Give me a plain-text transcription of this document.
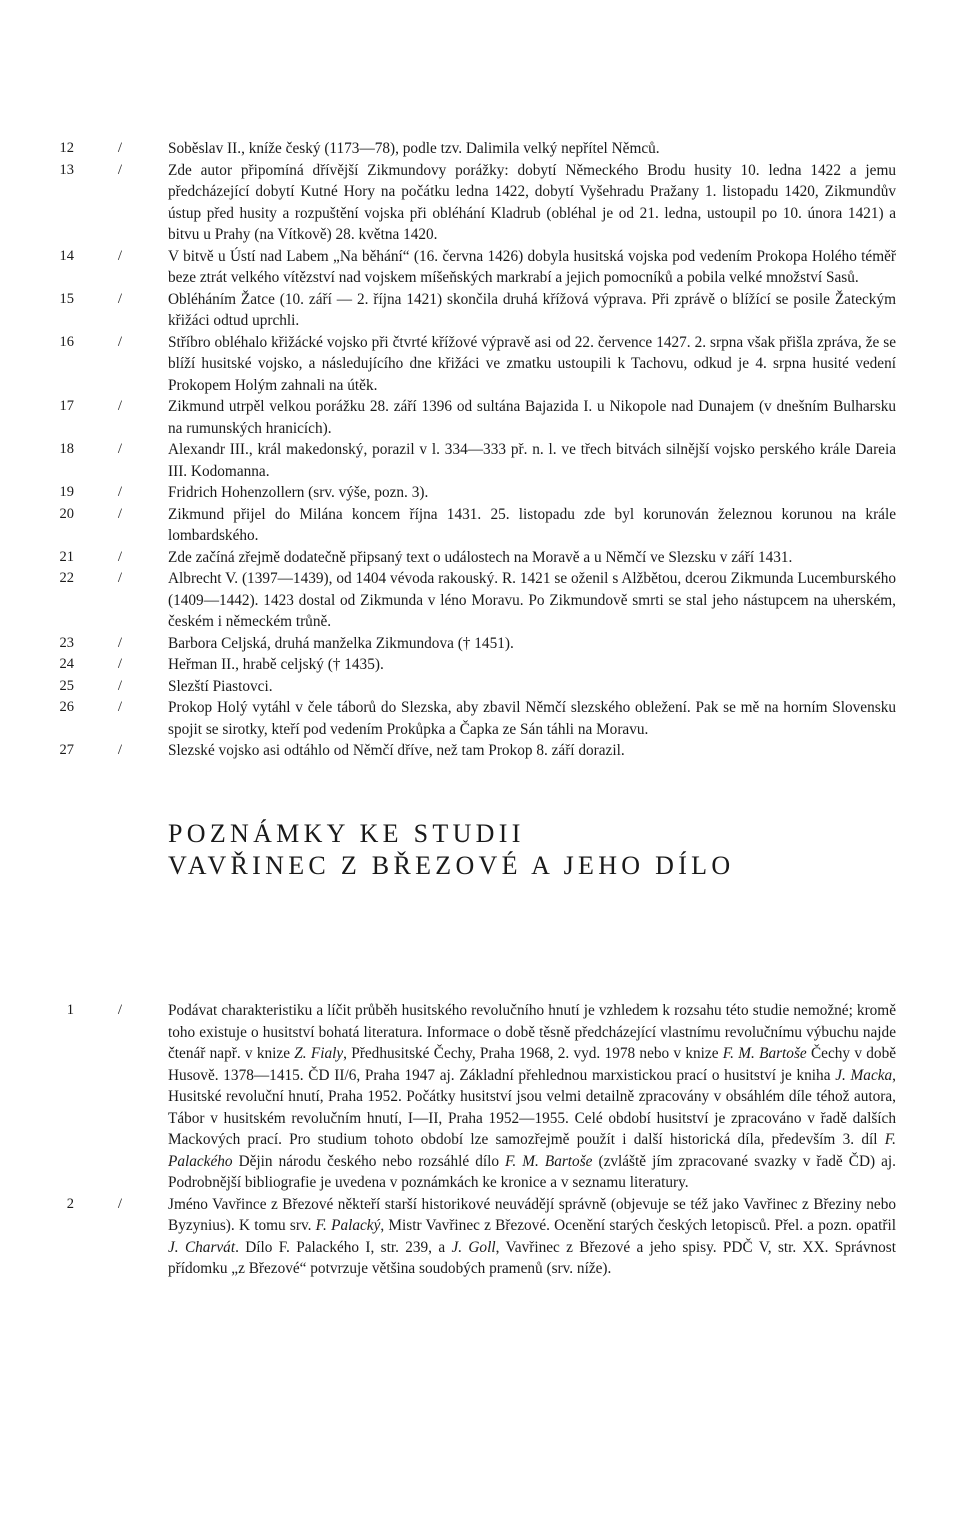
12	/	Soběslav II., kníže český (1173—78), podle tzv. Dalimila velký nepřítel Němců.
13	/	Zde autor připomíná dřívější Zikmundovy porážky: dobytí Německého Brodu husity 10. ledna 1422 a jemu předcházející dobytí Kutné Hory na počátku ledna 1422, dobytí Vyšehradu Pražany 1. listopadu 1420, Zikmundův ústup před husity a rozpuštění vojska při obléhání Kladrub (obléhal je od 21. ledna, ustoupil po 10. února 1421) a bitvu u Prahy (na Vítkově) 28. května 1420.
14	/	V bitvě u Ústí nad Labem „Na běhání“ (16. června 1426) dobyla husitská vojska pod vedením Prokopa Holého téměř beze ztrát velkého vítězství nad vojskem míšeňských markrabí a jejich pomocníků a pobila velké množství Sasů.
15	/	Obléháním Žatce (10. září — 2. října 1421) skončila druhá křížová výprava. Při zprávě o blížící se posile Žateckým křižáci odtud uprchli.
16	/	Stříbro obléhalo křižácké vojsko při čtvrté křížové výpravě asi od 22. července 1427. 2. srpna však přišla zpráva, že se blíží husitské vojsko, a následujícího dne křižáci ve zmatku ustoupili k Tachovu, odkud je 4. srpna husité vedení Prokopem Holým zahnali na útěk.
17	/	Zikmund utrpěl velkou porážku 28. září 1396 od sultána Bajazida I. u Nikopole nad Dunajem (v dnešním Bulharsku na rumunských hranicích).
18	/	Alexandr III., král makedonský, porazil v l. 334—333 př. n. l. ve třech bitvách silnější vojsko perského krále Dareia III. Kodomanna.
19	/	Fridrich Hohenzollern (srv. výše, pozn. 3).
20	/	Zikmund přijel do Milána koncem října 1431. 25. listopadu zde byl korunován železnou korunou na krále lombardského.
21	/	Zde začíná zřejmě dodatečně připsaný text o událostech na Moravě a u Němčí ve Slezsku v září 1431.
22	/	Albrecht V. (1397—1439), od 1404 vévoda rakouský. R. 1421 se oženil s Alžbětou, dcerou Zikmunda Lucemburského (1409—1442). 1423 dostal od Zikmunda v léno Moravu. Po Zikmundově smrti se stal jeho nástupcem na uherském, českém i německém trůně.
23	/	Barbora Celjská, druhá manželka Zikmundova († 1451).
24	/	Heřman II., hrabě celjský († 1435).
25	/	Slezští Piastovci.
26	/	Prokop Holý vytáhl v čele táborů do Slezska, aby zbavil Němčí slezského obležení. Pak se mě na horním Slovensku spojit se sirotky, kteří pod vedením Prokůpka a Čapka ze Sán táhli na Moravu.
27	/	Slezské vojsko asi odtáhlo od Němčí dříve, než tam Prokop 8. září dorazil.
POZNÁMKY KE STUDII
VAVŘINEC Z BŘEZOVÉ A JEHO DÍLO
1	/	Podávat charakteristiku a líčit průběh husitského revolučního hnutí je vzhledem k rozsahu této studie nemožné; kromě toho existuje o husitství bohatá literatura. Informace o době těsně předcházející vlastnímu revolučnímu výbuchu najde čtenář např. v knize Z. Fialy, Předhusitské Čechy, Praha 1968, 2. vyd. 1978 nebo v knize F. M. Bartoše Čechy v době Husově. 1378—1415. ČD II/6, Praha 1947 aj. Základní přehlednou marxistickou prací o husitství je kniha J. Macka, Husitské revoluční hnutí, Praha 1952. Počátky husitství jsou velmi detailně zpracovány v obsáhlém díle téhož autora, Tábor v husitském revolučním hnutí, I—II, Praha 1952—1955. Celé období husitství je zpracováno v řadě dalších Mackových prací. Pro studium tohoto období lze samozřejmě použít i další historická díla, především 3. díl F. Palackého Dějin národu českého nebo rozsáhlé dílo F. M. Bartoše (zvláště jím zpracované svazky v řadě ČD) aj. Podrobnější bibliografie je uvedena v poznámkách ke kronice a v seznamu literatury.
2	/	Jméno Vavřince z Březové někteří starší historikové neuvádějí správně (objevuje se též jako Vavřinec z Březiny nebo Byzynius). K tomu srv. F. Palacký, Mistr Vavřinec z Březové. Ocenění starých českých letopisců. Přel. a pozn. opatřil J. Charvát. Dílo F. Palackého I, str. 239, a J. Goll, Vavřinec z Březové a jeho spisy. PDČ V, str. XX. Správnost přídomku „z Březové“ potvrzuje většina soudobých pramenů (srv. níže).
